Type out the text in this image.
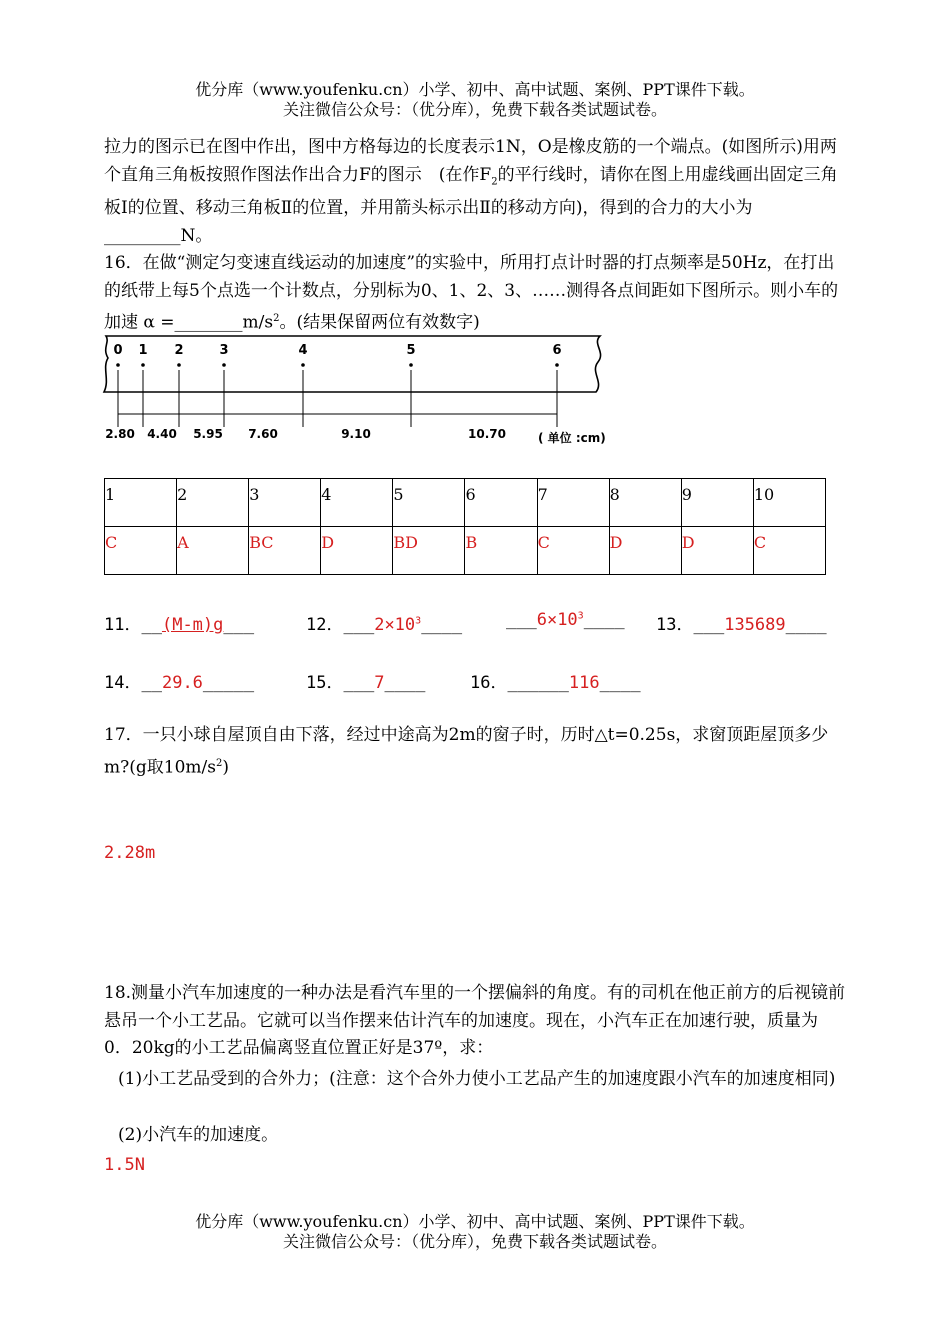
优分库（www.youfenku.cn）小学、初中、高中试题、案例、PPT课件下载。
关注微信公众号：（优分库），免费下载各类试题试卷。
拉力的图示已在图中作出，图中方格每边的长度表示1N，O是橡皮筋的一个端点。(如图所示)用两个直角三角板按照作图法作出合力F的图示　(在作$F_2$的平行线时，请你在图上用虚线画出固定三角板Ⅰ的位置、移动三角板Ⅱ的位置，并用箭头标示出Ⅱ的移动方向)，得到的合力的大小为_________N。
16．在做“测定匀变速直线运动的加速度”的实验中，所用打点计时器的打点频率是50Hz，在打出的纸带上每5个点选一个计数点，分别标为0、1、2、3、……测得各点间距如下图所示。则小车的加速 $\alpha =\_\_\_\_\_\_\_\_m/s^2$。(结果保留两位有效数字)
0 1 2	3	4	5	6
2.80 4.40 5.95 7.60	9.10	10.70	( 单位 :cm)
1	2	3	4	5	6	7	8	9	10
C	A	BC	D	BD	B	C	D	D	C
11．__(M-m)g___	12．$\_\_\_2\times 10^3\_\_\_\_$	$\_\_\_6\times 10^3\_\_\_\_$ 13．___135689____
14．__29.6_____	15．___7____	16．______116____
17．一只小球自屋顶自由下落，经过中途高为2m的窗子时，历时△t=0.25s，求窗顶距屋顶多少m?(g取$10m/s^2$)
2.28m
18.测量小汽车加速度的一种办法是看汽车里的一个摆偏斜的角度。有的司机在他正前方的后视镜前悬吊一个小工艺品。它就可以当作摆来估计汽车的加速度。现在，小汽车正在加速行驶，质量为 0．20kg的小工艺品偏离竖直位置正好是37º，求：
(1)小工艺品受到的合外力；(注意：这个合外力使小工艺品产生的加速度跟小汽车的加速度相同)
(2)小汽车的加速度。
1.5N
优分库（www.youfenku.cn）小学、初中、高中试题、案例、PPT课件下载。
关注微信公众号：（优分库），免费下载各类试题试卷。
